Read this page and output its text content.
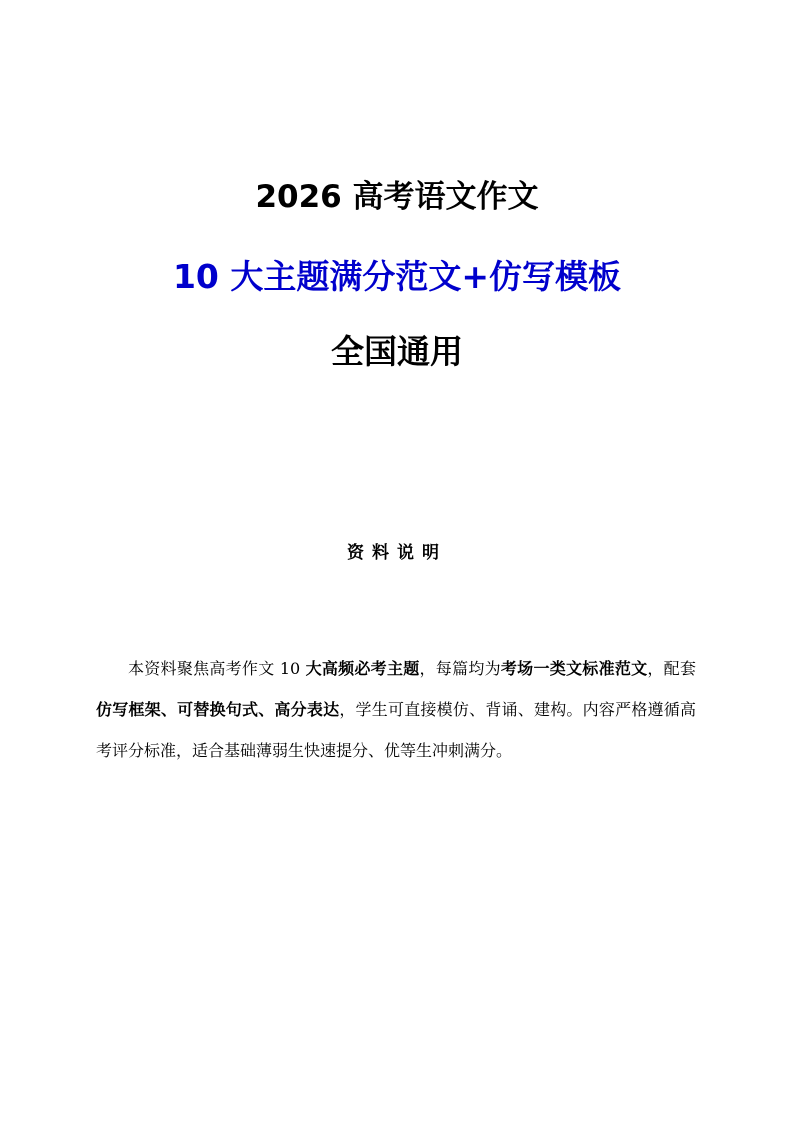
2026 高考语文作文
10 大主题满分范文+仿写模板
全国通用
资料说明

本资料聚焦高考作文 10 大高频必考主题，每篇均为考场一类文标准范文，配套仿写框架、可替换句式、高分表达，学生可直接模仿、背诵、建构。内容严格遵循高考评分标准，适合基础薄弱生快速提分、优等生冲刺满分。
